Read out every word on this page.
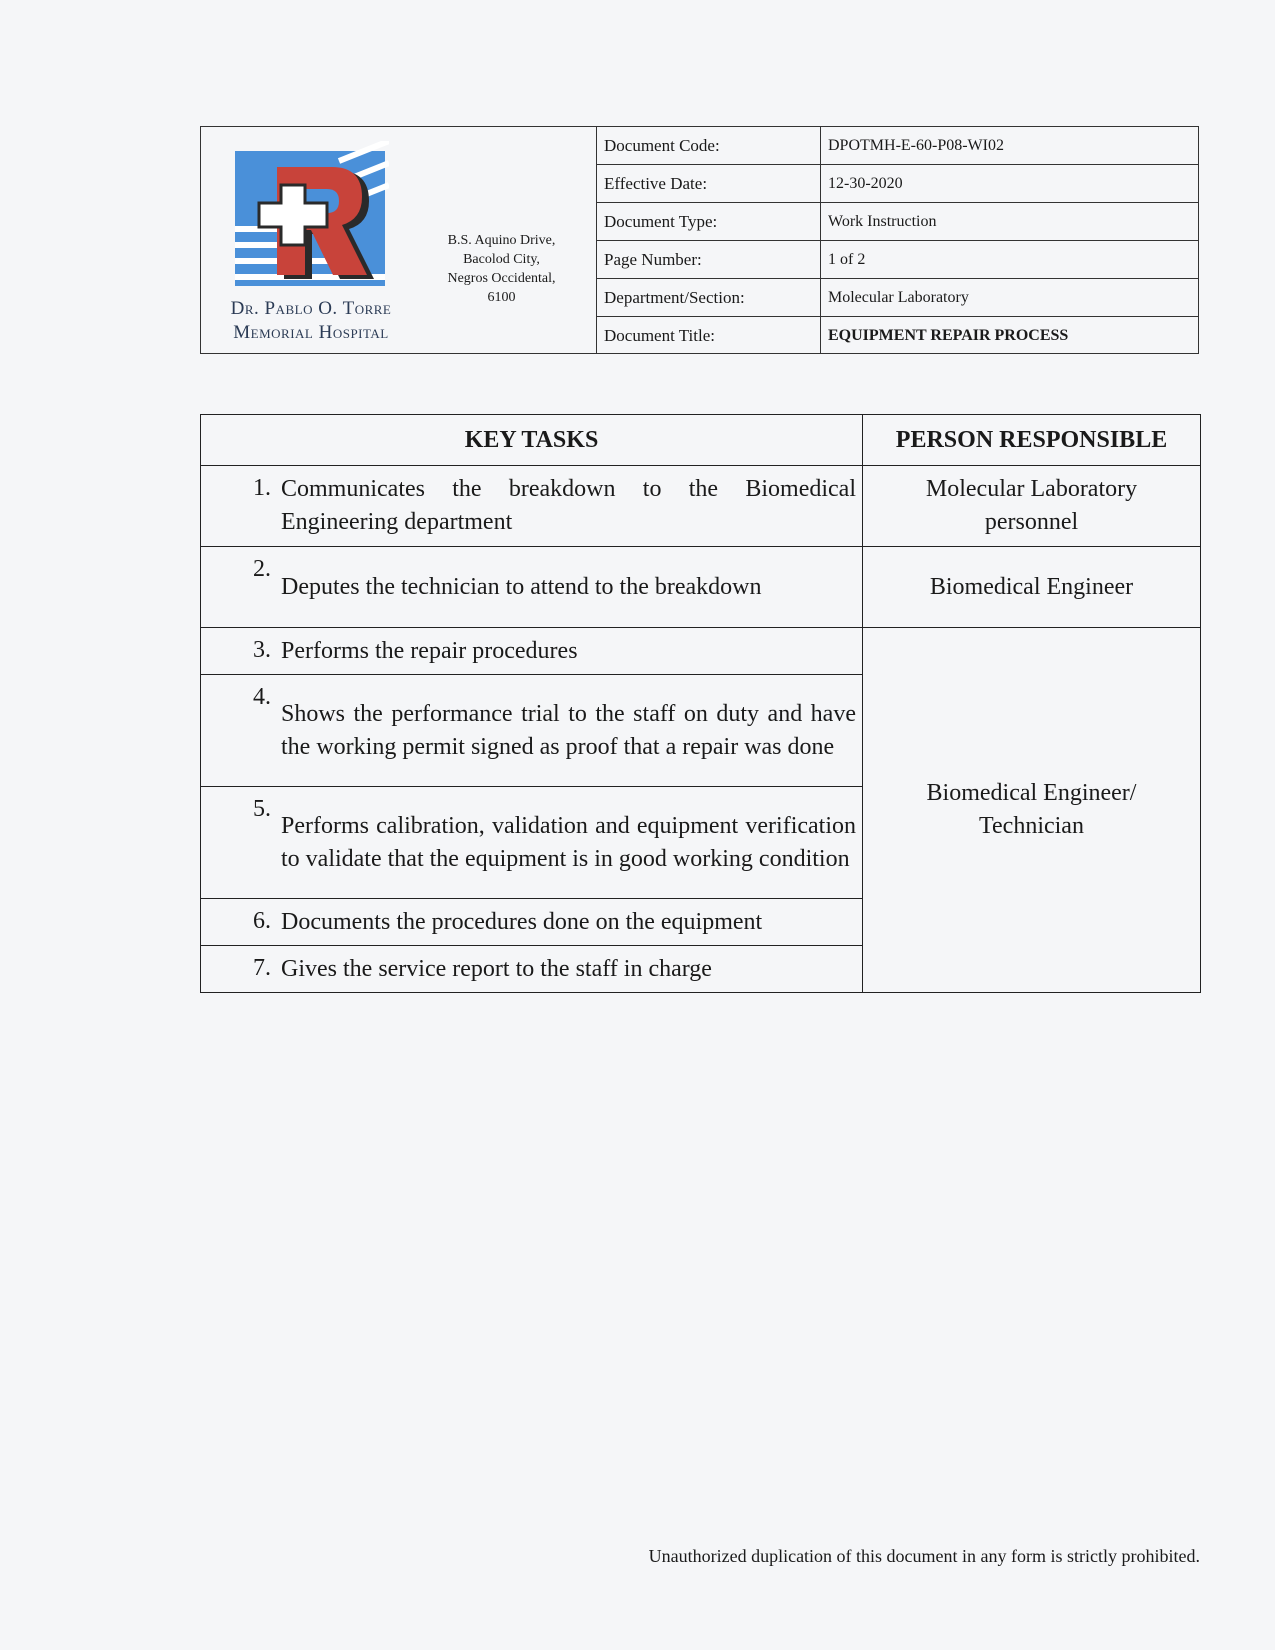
Dr. Pablo O. Torre
Memorial Hospital
B.S. Aquino Drive,
Bacolod City,
Negros Occidental,
6100
Document Code:	DPOTMH-E-60-P08-WI02
Effective Date:	12-30-2020
Document Type:	Work Instruction
Page Number:	1 of 2
Department/Section:	Molecular Laboratory
Document Title:	EQUIPMENT REPAIR PROCESS
KEY TASKS	PERSON RESPONSIBLE

1. Communicates the breakdown to the Biomedical Engineering department	Molecular Laboratory
personnel

2.
Deputes the technician to attend to the breakdown	Biomedical Engineer

3. Performs the repair procedures	Biomedical Engineer/
Technician

4.
Shows the performance trial to the staff on duty and have the working permit signed as proof that a repair was done	

5.
Performs calibration, validation and equipment verification to validate that the equipment is in good working condition	

6. Documents the procedures done on the equipment	

7. Gives the service report to the staff in charge	
Unauthorized duplication of this document in any form is strictly prohibited.
